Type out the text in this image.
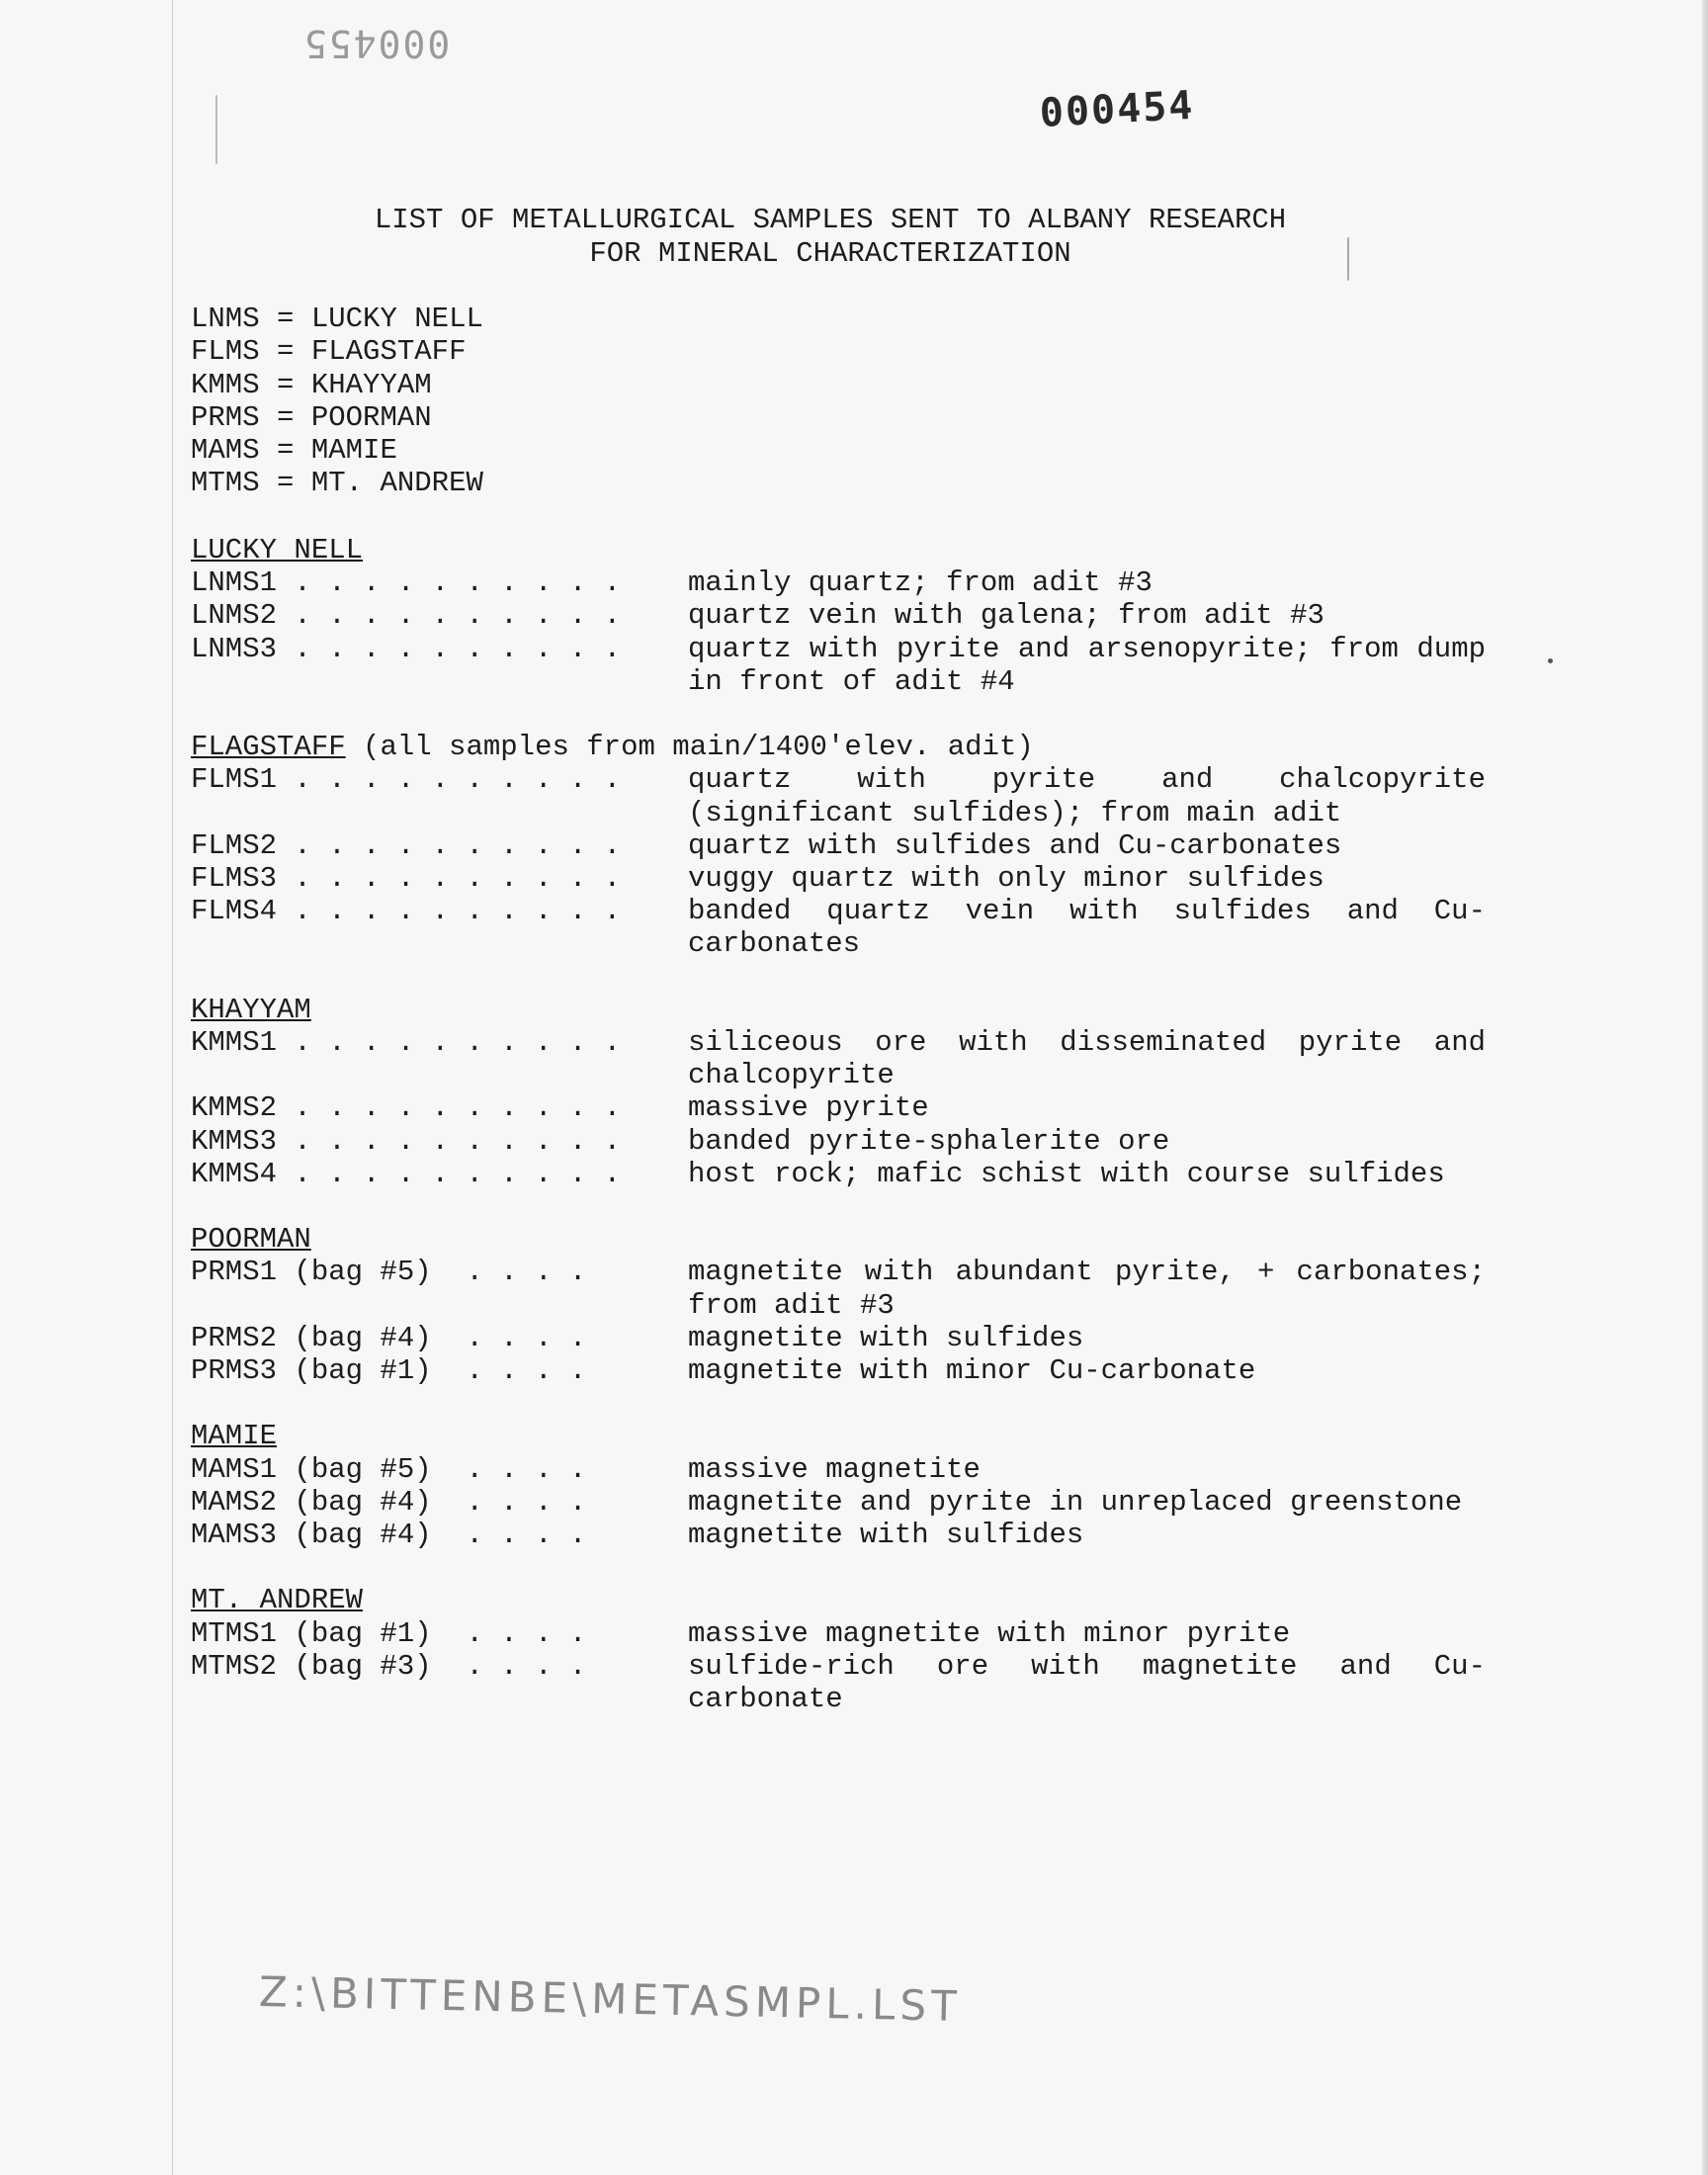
000455
000454
LIST OF METALLURGICAL SAMPLES SENT TO ALBANY RESEARCH
FOR MINERAL CHARACTERIZATION
LNMS = LUCKY NELL
FLMS = FLAGSTAFF
KMMS = KHAYYAM
PRMS = POORMAN
MAMS = MAMIE
MTMS = MT. ANDREW
LUCKY NELL
LNMS1 . . . . . . . . . .	mainly quartz; from adit #3
LNMS2 . . . . . . . . . .	quartz vein with galena; from adit #3
LNMS3 . . . . . . . . . .	quartz with pyrite and arsenopyrite; from dump in front of adit #4
FLAGSTAFF (all samples from main/1400'elev. adit)
FLMS1 . . . . . . . . . .	quartz with pyrite and chalcopyrite (significant sulfides); from main adit
FLMS2 . . . . . . . . . .	quartz with sulfides and Cu-carbonates
FLMS3 . . . . . . . . . .	vuggy quartz with only minor sulfides
FLMS4 . . . . . . . . . .	banded quartz vein with sulfides and Cu-carbonates
KHAYYAM
KMMS1 . . . . . . . . . .	siliceous ore with disseminated pyrite and chalcopyrite
KMMS2 . . . . . . . . . .	massive pyrite
KMMS3 . . . . . . . . . .	banded pyrite-sphalerite ore
KMMS4 . . . . . . . . . .	host rock; mafic schist with course sulfides
POORMAN
PRMS1 (bag #5) . . . .	magnetite with abundant pyrite, + carbonates; from adit #3
PRMS2 (bag #4) . . . .	magnetite with sulfides
PRMS3 (bag #1) . . . .	magnetite with minor Cu-carbonate
MAMIE
MAMS1 (bag #5) . . . .	massive magnetite
MAMS2 (bag #4) . . . .	magnetite and pyrite in unreplaced greenstone
MAMS3 (bag #4) . . . .	magnetite with sulfides
MT. ANDREW
MTMS1 (bag #1) . . . .	massive magnetite with minor pyrite
MTMS2 (bag #3) . . . .	sulfide-rich ore with magnetite and Cu-carbonate
Z:\BITTENBE\METASMPL.LST
